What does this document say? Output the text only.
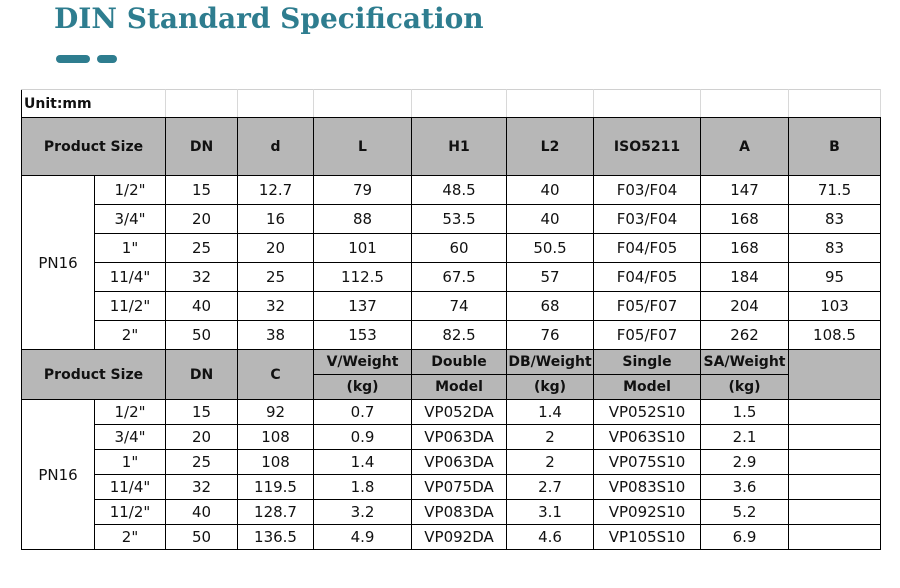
DIN Standard Specification
Unit:mm									
Product Size		DN	d	L	H1	L2	ISO5211	A	B
PN16	1/2"	15	12.7	79	48.5	40	F03/F04	147	71.5
	3/4"	20	16	88	53.5	40	F03/F04	168	83
	1"	25	20	101	60	50.5	F04/F05	168	83
	11/4"	32	25	112.5	67.5	57	F04/F05	184	95
	11/2"	40	32	137	74	68	F05/F07	204	103
	2"	50	38	153	82.5	76	F05/F07	262	108.5
Product Size		DN	C	V/Weight	Double	DB/Weight	Single	SA/Weight	
				(kg)	Model	(kg)	Model	(kg)	
PN16	1/2"	15	92	0.7	VP052DA	1.4	VP052S10	1.5	
	3/4"	20	108	0.9	VP063DA	2	VP063S10	2.1	
	1"	25	108	1.4	VP063DA	2	VP075S10	2.9	
	11/4"	32	119.5	1.8	VP075DA	2.7	VP083S10	3.6	
	11/2"	40	128.7	3.2	VP083DA	3.1	VP092S10	5.2	
	2"	50	136.5	4.9	VP092DA	4.6	VP105S10	6.9	
